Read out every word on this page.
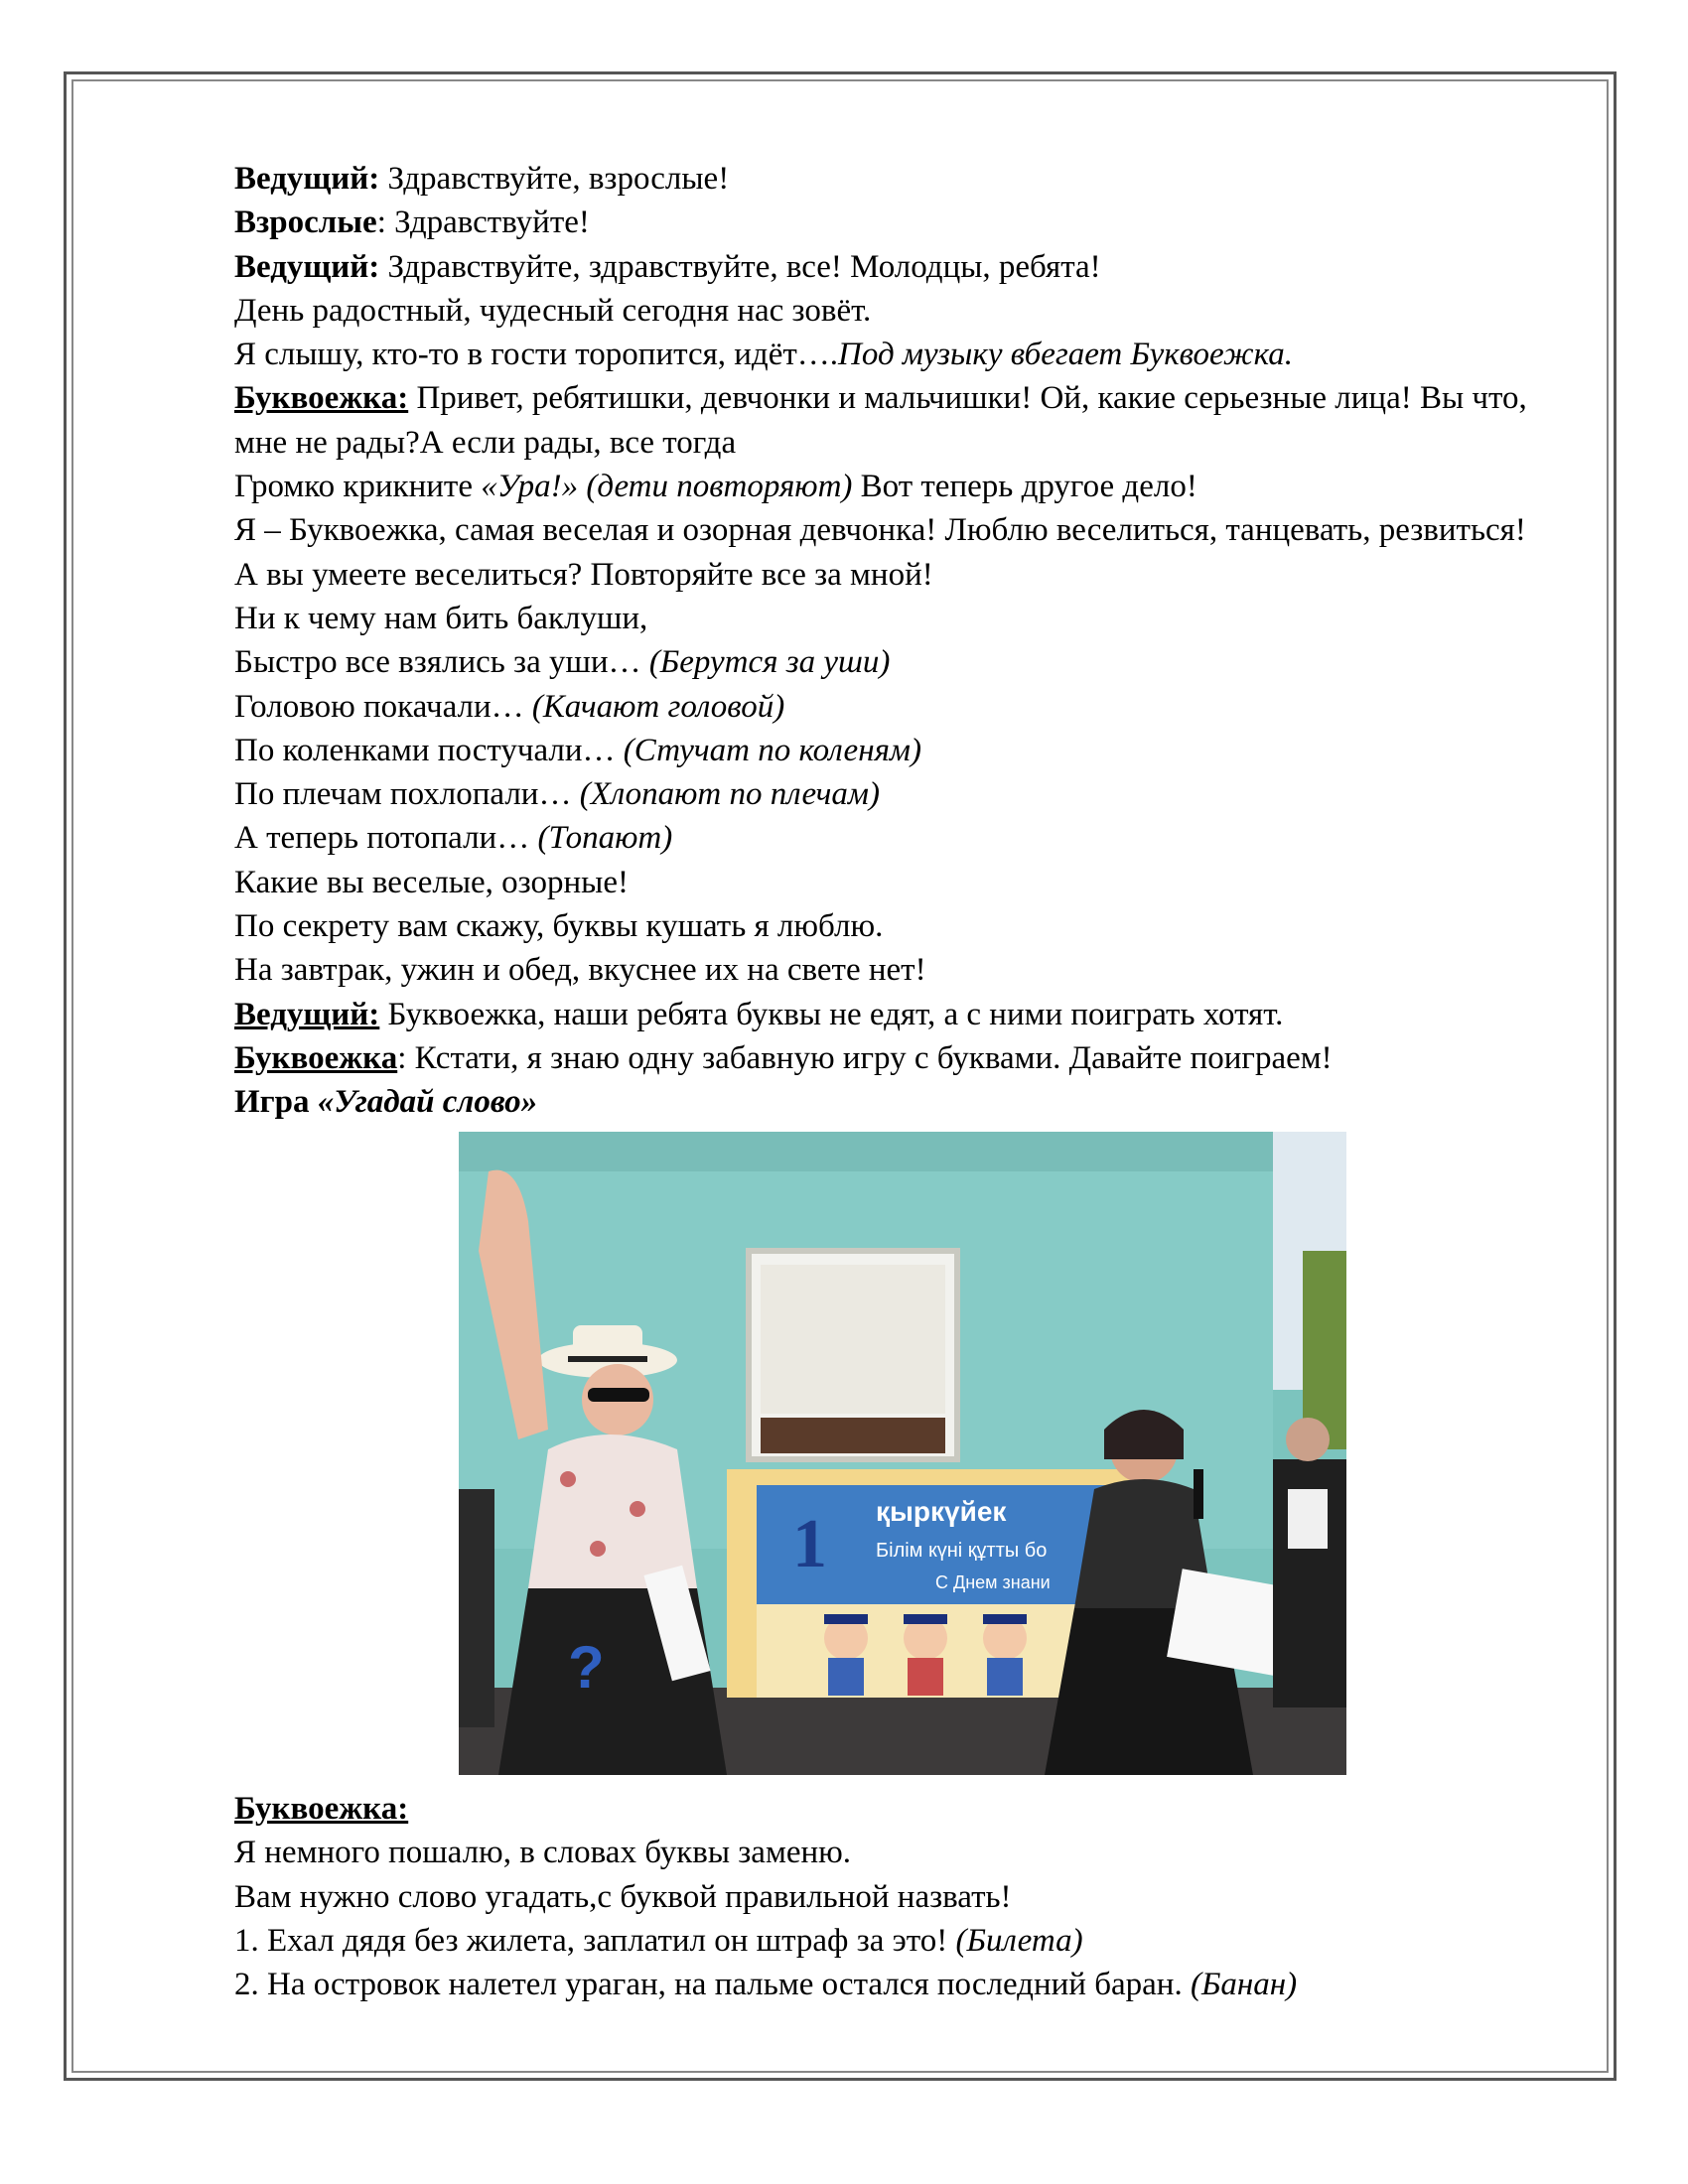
Ведущий: Здравствуйте, взрослые!

Взрослые: Здравствуйте!

Ведущий: Здравствуйте, здравствуйте, все! Молодцы, ребята!

День радостный, чудесный сегодня нас зовёт.

Я слышу, кто-то в гости торопится, идёт….Под музыку вбегает Буквоежка.

Буквоежка: Привет, ребятишки, девчонки и мальчишки! Ой, какие серьезные лица! Вы что, мне не рады?А если рады, все тогда

Громко крикните «Ура!» (дети повторяют) Вот теперь другое дело!

Я – Буквоежка, самая веселая и озорная девчонка! Люблю веселиться, танцевать, резвиться! А вы умеете веселиться? Повторяйте все за мной!

Ни к чему нам бить баклуши,

Быстро все взялись за уши… (Берутся за уши)

Головою покачали… (Качают головой)

По коленками постучали… (Стучат по коленям)

По плечам похлопали… (Хлопают по плечам)

А теперь потопали… (Топают)

Какие вы веселые, озорные!

По секрету вам скажу, буквы кушать я люблю.

На завтрак, ужин и обед, вкуснее их на свете нет!

Ведущий: Буквоежка, наши ребята буквы не едят, а с ними поиграть хотят.

Буквоежка: Кстати, я знаю одну забавную игру с буквами. Давайте поиграем!

Игра «Угадай слово»

1 қыркүйек
Білім күні құтты бо
С Днем знани
?

Буквоежка:

Я немного пошалю, в словах буквы заменю.

Вам нужно слово угадать,с буквой правильной назвать!

1. Ехал дядя без жилета, заплатил он штраф за это! (Билета)

2. На островок налетел ураган, на пальме остался последний баран. (Банан)
